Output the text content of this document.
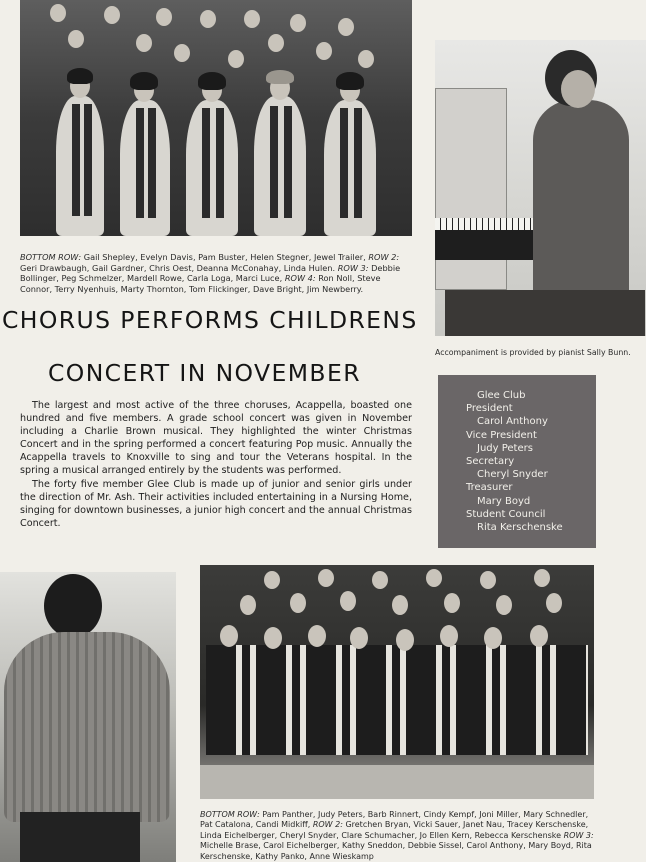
BOTTOM ROW: Gail Shepley, Evelyn Davis, Pam Buster, Helen Stegner, Jewel Trailer, ROW 2: Geri Drawbaugh, Gail Gardner, Chris Oest, Deanna McConahay, Linda Hulen. ROW 3: Debbie Bollinger, Peg Schmelzer, Mardell Rowe, Carla Loga, Marci Luce, ROW 4: Ron Noll, Steve Connor, Terry Nyenhuis, Marty Thornton, Tom Flickinger, Dave Bright, Jim Newberry.
CHORUS PERFORMS CHILDRENS
CONCERT IN NOVEMBER
Accompaniment is provided by pianist Sally Bunn.

The largest and most active of the three choruses, Acappella, boasted one hundred and five members. A grade school concert was given in November including a Charlie Brown musical. They highlighted the winter Christmas Concert and in the spring performed a concert featuring Pop music. Annually the Acappella travels to Knoxville to sing and tour the Veterans hospital. In the spring a musical arranged entirely by the students was performed.

The forty five member Glee Club is made up of junior and senior girls under the direction of Mr. Ash. Their activities included entertaining in a Nursing Home, singing for downtown businesses, a junior high concert and the annual Christmas Concert.

Glee Club
President
Carol Anthony
Vice President
Judy Peters
Secretary
Cheryl Snyder
Treasurer
Mary Boyd
Student Council
Rita Kerschenske
BOTTOM ROW: Pam Panther, Judy Peters, Barb Rinnert, Cindy Kempf, Joni Miller, Mary Schnedler, Pat Catalona, Candi Midkiff, ROW 2: Gretchen Bryan, Vicki Sauer, Janet Nau, Tracey Kerschenske, Linda Eichelberger, Cheryl Snyder, Clare Schumacher, Jo Ellen Kern, Rebecca Kerschenske ROW 3: Michelle Brase, Carol Eichelberger, Kathy Sneddon, Debbie Sissel, Carol Anthony, Mary Boyd, Rita Kerschenske, Kathy Panko, Anne Wieskamp
